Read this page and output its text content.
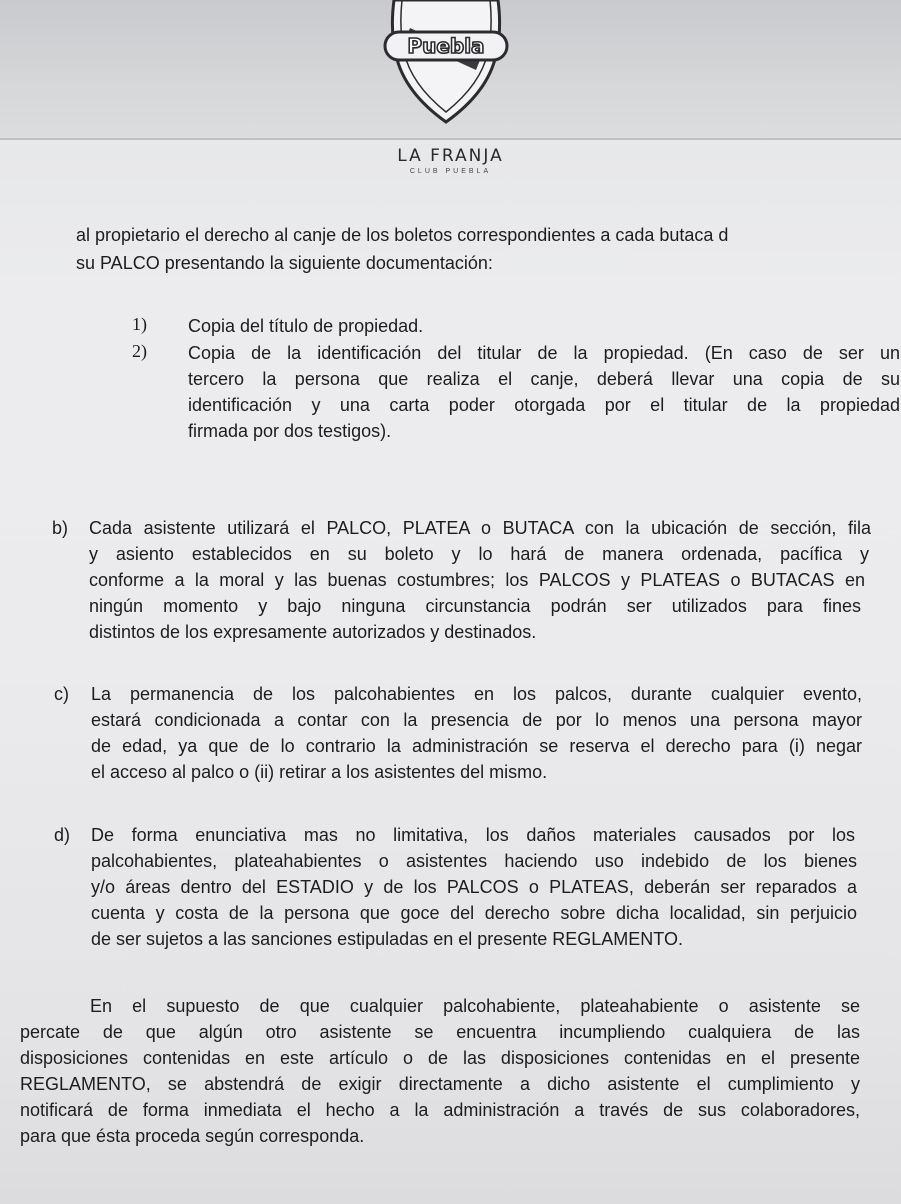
Puebla
LA FRANJA
CLUB PUEBLA
al propietario el derecho al canje de los boletos correspondientes a cada butaca d
su PALCO presentando la siguiente documentación:
1) Copia del título de propiedad.
2) Copia de la identificación del titular de la propiedad. (En caso de ser un
tercero la persona que realiza el canje, deberá llevar una copia de su
identificación y una carta poder otorgada por el titular de la propiedad
firmada por dos testigos).
b) Cada asistente utilizará el PALCO, PLATEA o BUTACA con la ubicación de sección, fila
y asiento establecidos en su boleto y lo hará de manera ordenada, pacífica y
conforme a la moral y las buenas costumbres; los PALCOS y PLATEAS o BUTACAS en
ningún momento y bajo ninguna circunstancia podrán ser utilizados para fines
distintos de los expresamente autorizados y destinados.
c) La permanencia de los palcohabientes en los palcos, durante cualquier evento,
estará condicionada a contar con la presencia de por lo menos una persona mayor
de edad, ya que de lo contrario la administración se reserva el derecho para (i) negar
el acceso al palco o (ii) retirar a los asistentes del mismo.
d) De forma enunciativa mas no limitativa, los daños materiales causados por los
palcohabientes, plateahabientes o asistentes haciendo uso indebido de los bienes
y/o áreas dentro del ESTADIO y de los PALCOS o PLATEAS, deberán ser reparados a
cuenta y costa de la persona que goce del derecho sobre dicha localidad, sin perjuicio
de ser sujetos a las sanciones estipuladas en el presente REGLAMENTO.
En el supuesto de que cualquier palcohabiente, plateahabiente o asistente se
percate de que algún otro asistente se encuentra incumpliendo cualquiera de las
disposiciones contenidas en este artículo o de las disposiciones contenidas en el presente
REGLAMENTO, se abstendrá de exigir directamente a dicho asistente el cumplimiento y
notificará de forma inmediata el hecho a la administración a través de sus colaboradores,
para que ésta proceda según corresponda.
